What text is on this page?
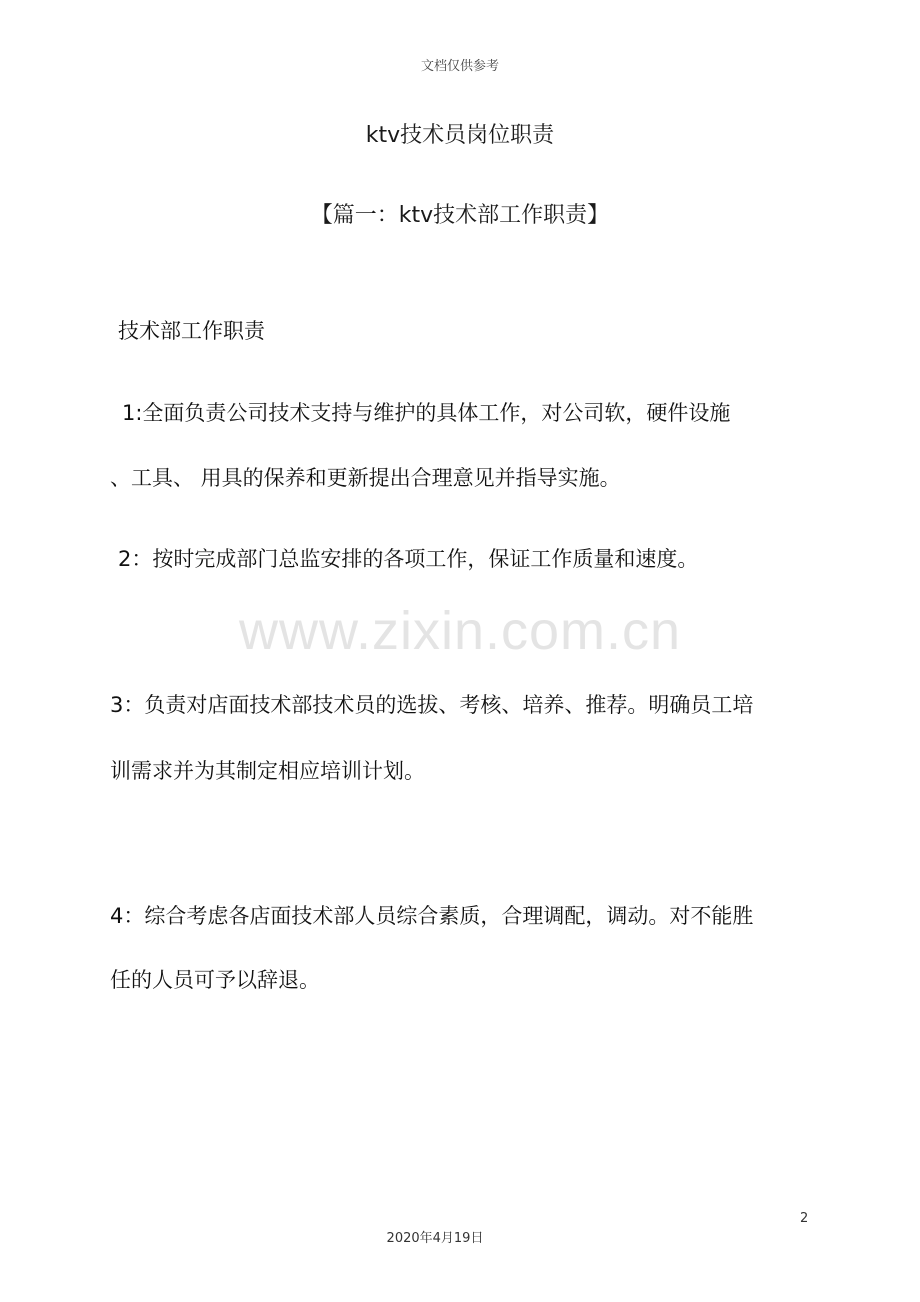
文档仅供参考
ktv技术员岗位职责
【篇一：ktv技术部工作职责】
技术部工作职责
1:全面负责公司技术支持与维护的具体工作，对公司软，硬件设施
、工具、 用具的保养和更新提出合理意见并指导实施。
2：按时完成部门总监安排的各项工作，保证工作质量和速度。
www.zixin.com.cn
3：负责对店面技术部技术员的选拔、考核、培养、推荐。明确员工培
训需求并为其制定相应培训计划。
4：综合考虑各店面技术部人员综合素质，合理调配，调动。对不能胜
任的人员可予以辞退。
2
2020年4月19日
